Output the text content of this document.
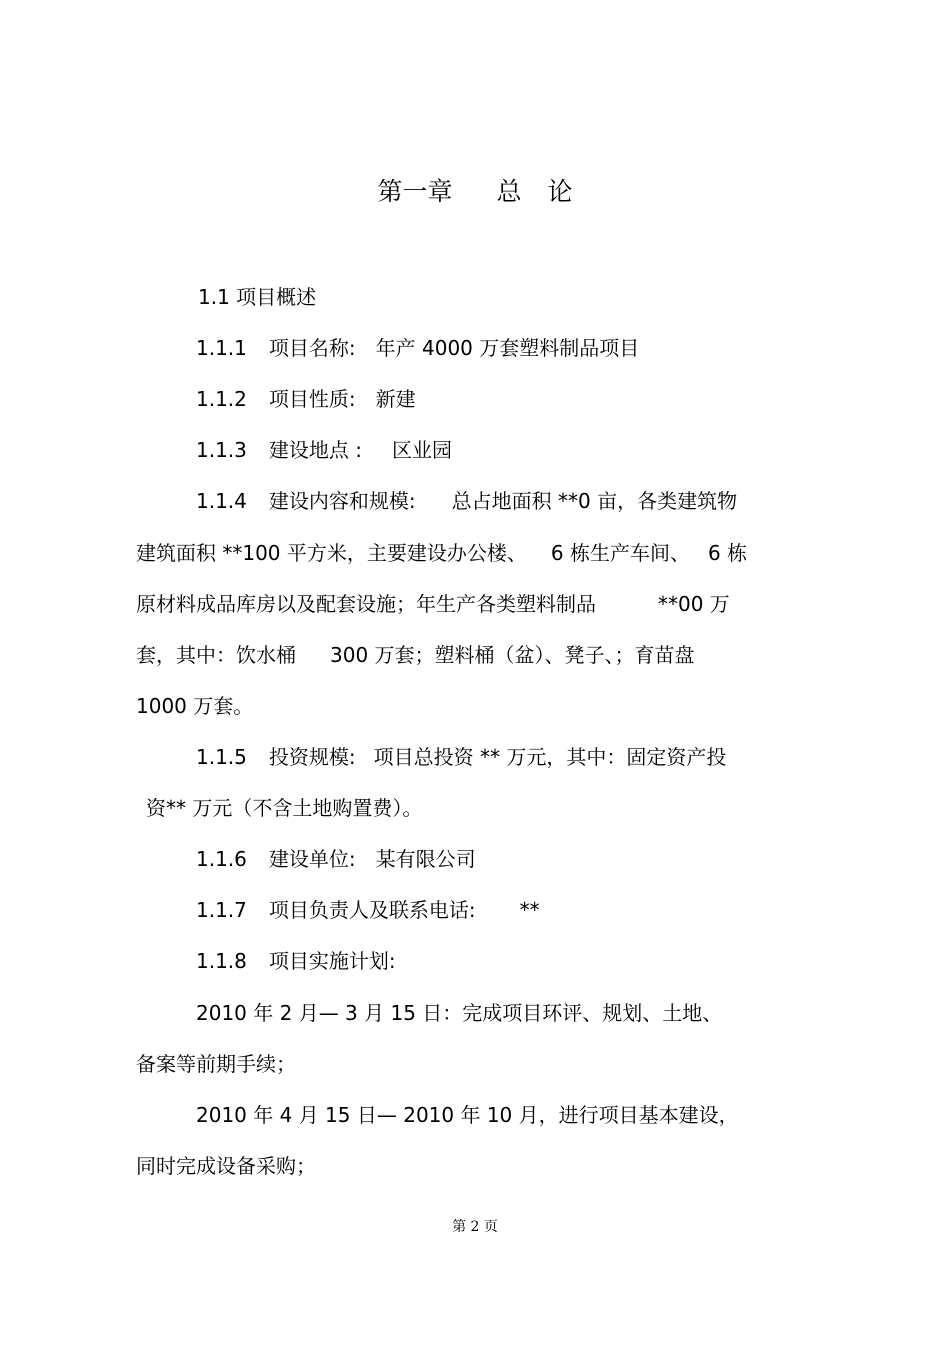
第一章 总 论
1.1 项目概述
1.1.1 项目名称: 年产 4000 万套塑料制品项目
1.1.2 项目性质: 新建
1.1.3 建设地点 : 区业园
1.1.4 建设内容和规模: 总占地面积 **0 亩，各类建筑物
建筑面积 **100 平方米，主要建设办公楼、 6 栋生产车间、 6 栋
原材料成品库房以及配套设施；年生产各类塑料制品	**00 万
套，其中：饮水桶 300 万套；塑料桶（盆）、凳子、；育苗盘
1000 万套。
1.1.5 投资规模: 项目总投资 ** 万元，其中：固定资产投
资** 万元（不含土地购置费）。
1.1.6 建设单位: 某有限公司
1.1.7 项目负责人及联系电话: **
1.1.8 项目实施计划:
2010 年 2 月— 3 月 15 日：完成项目环评、规划、土地、
备案等前期手续；
2010 年 4 月 15 日— 2010 年 10 月，进行项目基本建设，
同时完成设备采购；
第 2 页
